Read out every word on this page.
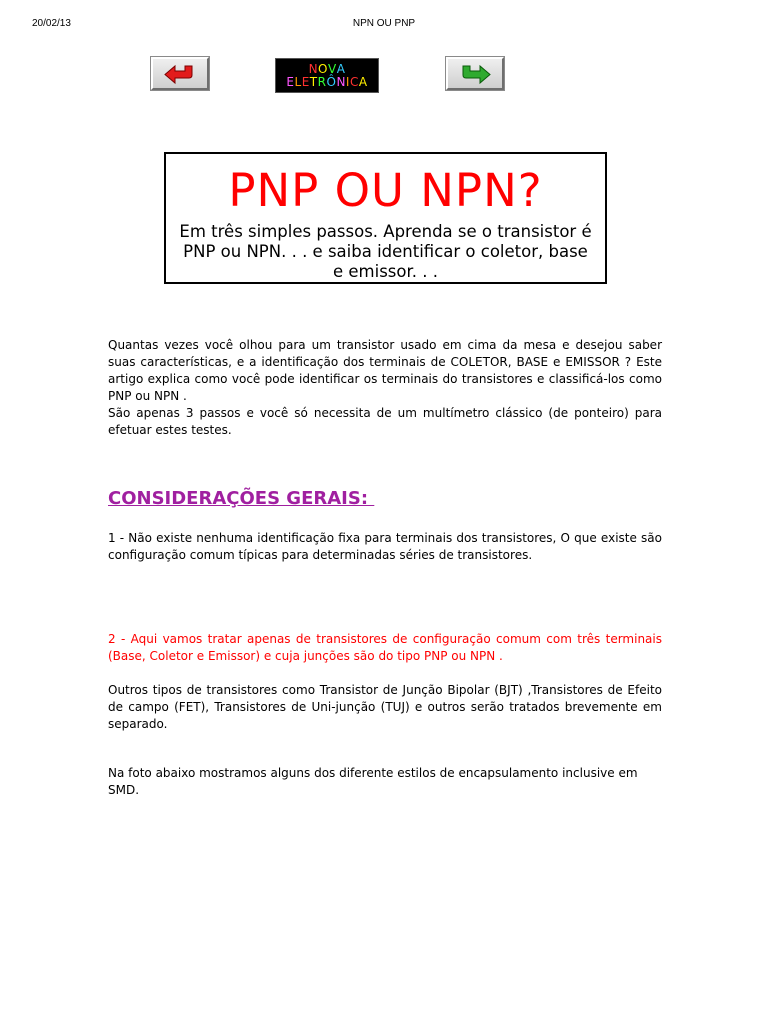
20/02/13	NPN OU PNP
NOVA
ELETRÔNICA
PNP OU NPN?

Em três simples passos. Aprenda se o transistor é PNP ou NPN. . . e saiba identificar o coletor, base e emissor. . .

Quantas vezes você olhou para um transistor usado em cima da mesa e desejou saber suas características, e a identificação dos terminais de COLETOR, BASE e EMISSOR ? Este artigo explica como você pode identificar os terminais do transistores e classificá-los como PNP ou NPN .

São apenas 3 passos e você só necessita de um multímetro clássico (de ponteiro) para efetuar estes testes.

CONSIDERAÇÕES GERAIS:

1 - Não existe nenhuma identificação fixa para terminais dos transistores, O que existe são configuração comum típicas para determinadas séries de transistores.

2 - Aqui vamos tratar apenas de transistores de configuração comum com três terminais (Base, Coletor e Emissor) e cuja junções são do tipo PNP ou NPN .

Outros tipos de transistores como Transistor de Junção Bipolar (BJT) ,Transistores de Efeito de campo (FET), Transistores de Uni-junção (TUJ) e outros serão tratados brevemente em separado.

Na foto abaixo mostramos alguns dos diferente estilos de encapsulamento inclusive em SMD.
